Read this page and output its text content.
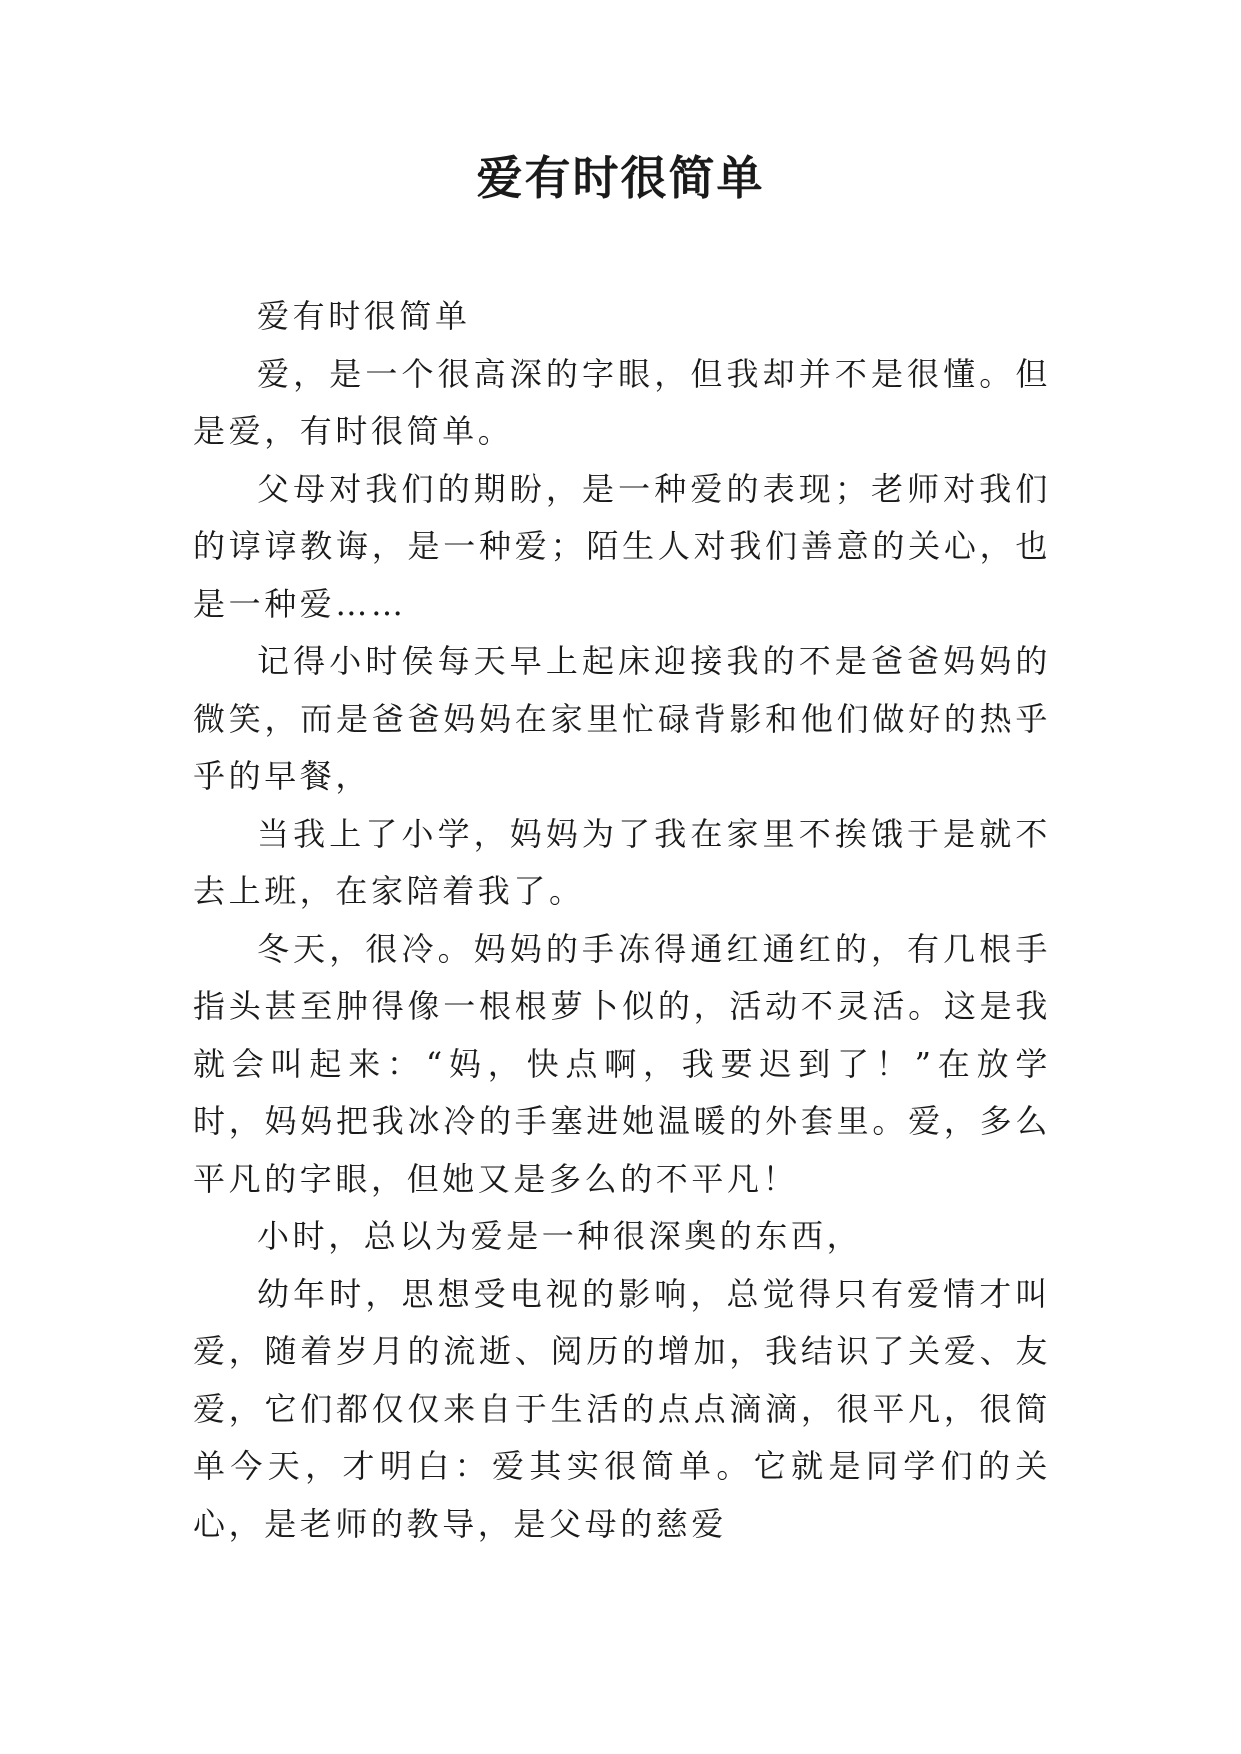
爱有时很简单

爱有时很简单

爱，是一个很高深的字眼，但我却并不是很懂。但是爱，有时很简单。

父母对我们的期盼，是一种爱的表现；老师对我们的谆谆教诲，是一种爱；陌生人对我们善意的关心，也是一种爱……

记得小时侯每天早上起床迎接我的不是爸爸妈妈的微笑，而是爸爸妈妈在家里忙碌背影和他们做好的热乎乎的早餐，

当我上了小学，妈妈为了我在家里不挨饿于是就不去上班，在家陪着我了。

冬天，很冷。妈妈的手冻得通红通红的，有几根手指头甚至肿得像一根根萝卜似的，活动不灵活。这是我就会叫起来：“妈，快点啊，我要迟到了！”在放学时，妈妈把我冰冷的手塞进她温暖的外套里。爱，多么平凡的字眼，但她又是多么的不平凡！

小时，总以为爱是一种很深奥的东西，

幼年时，思想受电视的影响，总觉得只有爱情才叫爱，随着岁月的流逝、阅历的增加，我结识了关爱、友爱，它们都仅仅来自于生活的点点滴滴，很平凡，很简单今天，才明白：爱其实很简单。它就是同学们的关心，是老师的教导，是父母的慈爱
